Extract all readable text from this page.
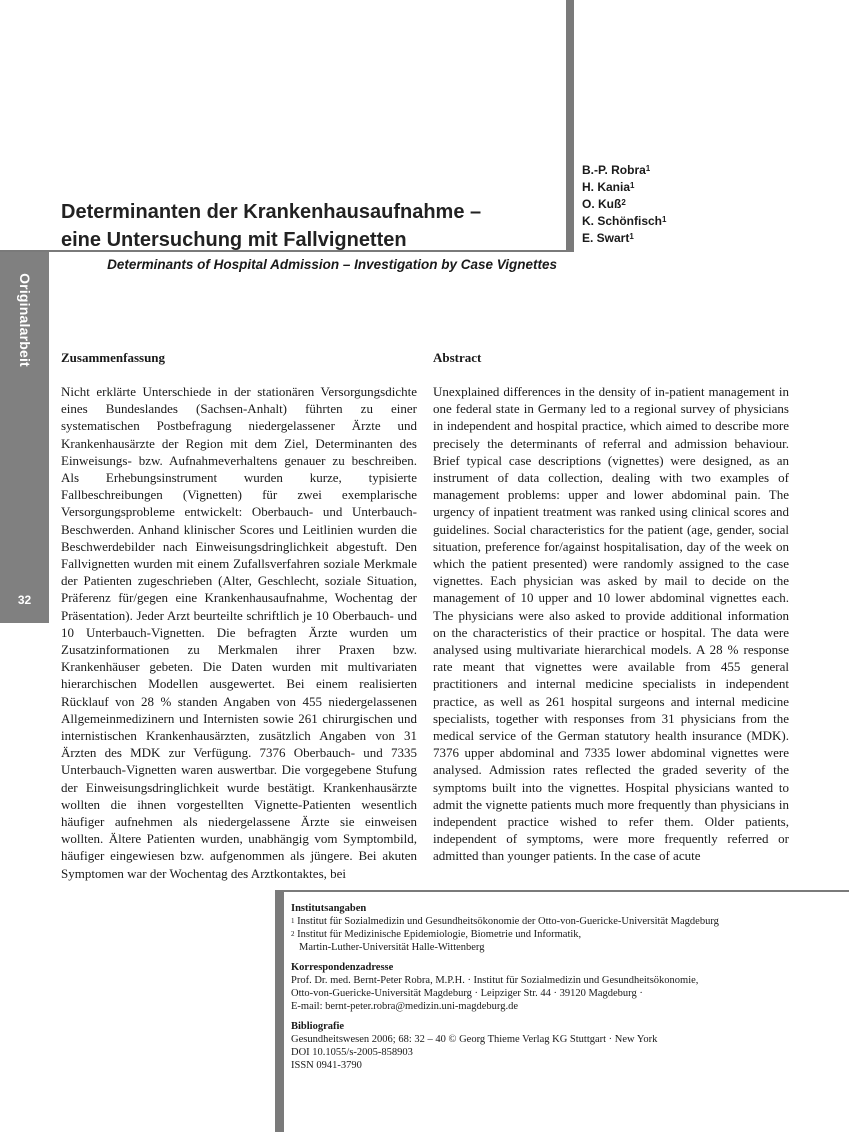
Originalarbeit
32
B.-P. Robra$^1$
H. Kania$^1$
O. Kuß$^2$
K. Schönfisch$^1$
E. Swart$^1$
Determinanten der Krankenhausaufnahme –
eine Untersuchung mit Fallvignetten
Determinants of Hospital Admission – Investigation by Case Vignettes
Zusammenfassung

Nicht erklärte Unterschiede in der stationären Versorgungsdichte eines Bundeslandes (Sachsen-Anhalt) führten zu einer systematischen Postbefragung niedergelassener Ärzte und Krankenhausärzte der Region mit dem Ziel, Determinanten des Einweisungs- bzw. Aufnahmeverhaltens genauer zu beschreiben. Als Erhebungsinstrument wurden kurze, typisierte Fallbeschreibungen (Vignetten) für zwei exemplarische Versorgungsprobleme entwickelt: Oberbauch- und Unterbauch-Beschwerden. Anhand klinischer Scores und Leitlinien wurden die Beschwerdebilder nach Einweisungsdringlichkeit abgestuft. Den Fallvignetten wurden mit einem Zufallsverfahren soziale Merkmale der Patienten zugeschrieben (Alter, Geschlecht, soziale Situation, Präferenz für/gegen eine Krankenhausaufnahme, Wochentag der Präsentation). Jeder Arzt beurteilte schriftlich je 10 Oberbauch- und 10 Unterbauch-Vignetten. Die befragten Ärzte wurden um Zusatzinformationen zu Merkmalen ihrer Praxen bzw. Krankenhäuser gebeten. Die Daten wurden mit multivariaten hierarchischen Modellen ausgewertet. Bei einem realisierten Rücklauf von 28 % standen Angaben von 455 niedergelassenen Allgemeinmedizinern und Internisten sowie 261 chirurgischen und internistischen Krankenhausärzten, zusätzlich Angaben von 31 Ärzten des MDK zur Verfügung. 7376 Oberbauch- und 7335 Unterbauch-Vignetten waren auswertbar. Die vorgegebene Stufung der Einweisungsdringlichkeit wurde bestätigt. Krankenhausärzte wollten die ihnen vorgestellten Vignette-Patienten wesentlich häufiger aufnehmen als niedergelassene Ärzte sie einweisen wollten. Ältere Patienten wurden, unabhängig vom Symptombild, häufiger eingewiesen bzw. aufgenommen als jüngere. Bei akuten Symptomen war der Wochentag des Arztkontaktes, bei

Abstract

Unexplained differences in the density of in-patient management in one federal state in Germany led to a regional survey of physicians in independent and hospital practice, which aimed to describe more precisely the determinants of referral and admission behaviour. Brief typical case descriptions (vignettes) were designed, as an instrument of data collection, dealing with two examples of management problems: upper and lower abdominal pain. The urgency of inpatient treatment was ranked using clinical scores and guidelines. Social characteristics for the patient (age, gender, social situation, preference for/against hospitalisation, day of the week on which the patient presented) were randomly assigned to the case vignettes. Each physician was asked by mail to decide on the management of 10 upper and 10 lower abdominal vignettes each. The physicians were also asked to provide additional information on the characteristics of their practice or hospital. The data were analysed using multivariate hierarchical models. A 28 % response rate meant that vignettes were available from 455 general practitioners and internal medicine specialists in independent practice, as well as 261 hospital surgeons and internal medicine specialists, together with responses from 31 physicians from the medical service of the German statutory health insurance (MDK). 7376 upper abdominal and 7335 lower abdominal vignettes were analysed. Admission rates reflected the graded severity of the symptoms built into the vignettes. Hospital physicians wanted to admit the vignette patients much more frequently than physicians in independent practice wished to refer them. Older patients, independent of symptoms, were more frequently referred or admitted than younger patients. In the case of acute

Institutsangaben
$^1$ Institut für Sozialmedizin und Gesundheitsökonomie der Otto-von-Guericke-Universität Magdeburg
$^2$ Institut für Medizinische Epidemiologie, Biometrie und Informatik,
Martin-Luther-Universität Halle-Wittenberg
Korrespondenzadresse
Prof. Dr. med. Bernt-Peter Robra, M.P.H. · Institut für Sozialmedizin und Gesundheitsökonomie,
Otto-von-Guericke-Universität Magdeburg · Leipziger Str. 44 · 39120 Magdeburg ·
E-mail: bernt-peter.robra@medizin.uni-magdeburg.de
Bibliografie
Gesundheitswesen 2006; 68: 32 – 40 © Georg Thieme Verlag KG Stuttgart · New York
DOI 10.1055/s-2005-858903
ISSN 0941-3790
